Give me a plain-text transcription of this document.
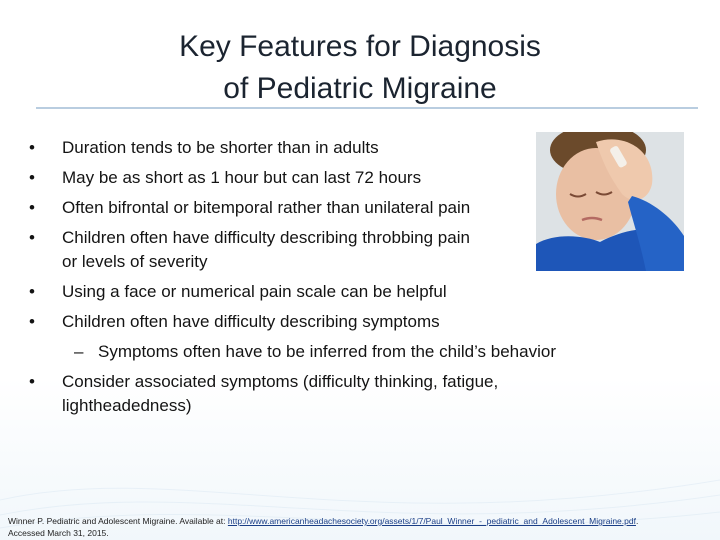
Key Features for Diagnosis
of Pediatric Migraine
• Duration tends to be shorter than in adults
• May be as short as 1 hour but can last 72 hours
• Often bifrontal or bitemporal rather than unilateral pain
• Children often have difficulty describing throbbing pain or levels of severity
• Using a face or numerical pain scale can be helpful
• Children often have difficulty describing symptoms
– Symptoms often have to be inferred from the child’s behavior
• Consider associated symptoms (difficulty thinking, fatigue, lightheadedness)
Winner P. Pediatric and Adolescent Migraine. Available at: http://www.americanheadachesociety.org/assets/1/7/Paul_Winner_-_pediatric_and_Adolescent_Migraine.pdf.
Accessed March 31, 2015.
